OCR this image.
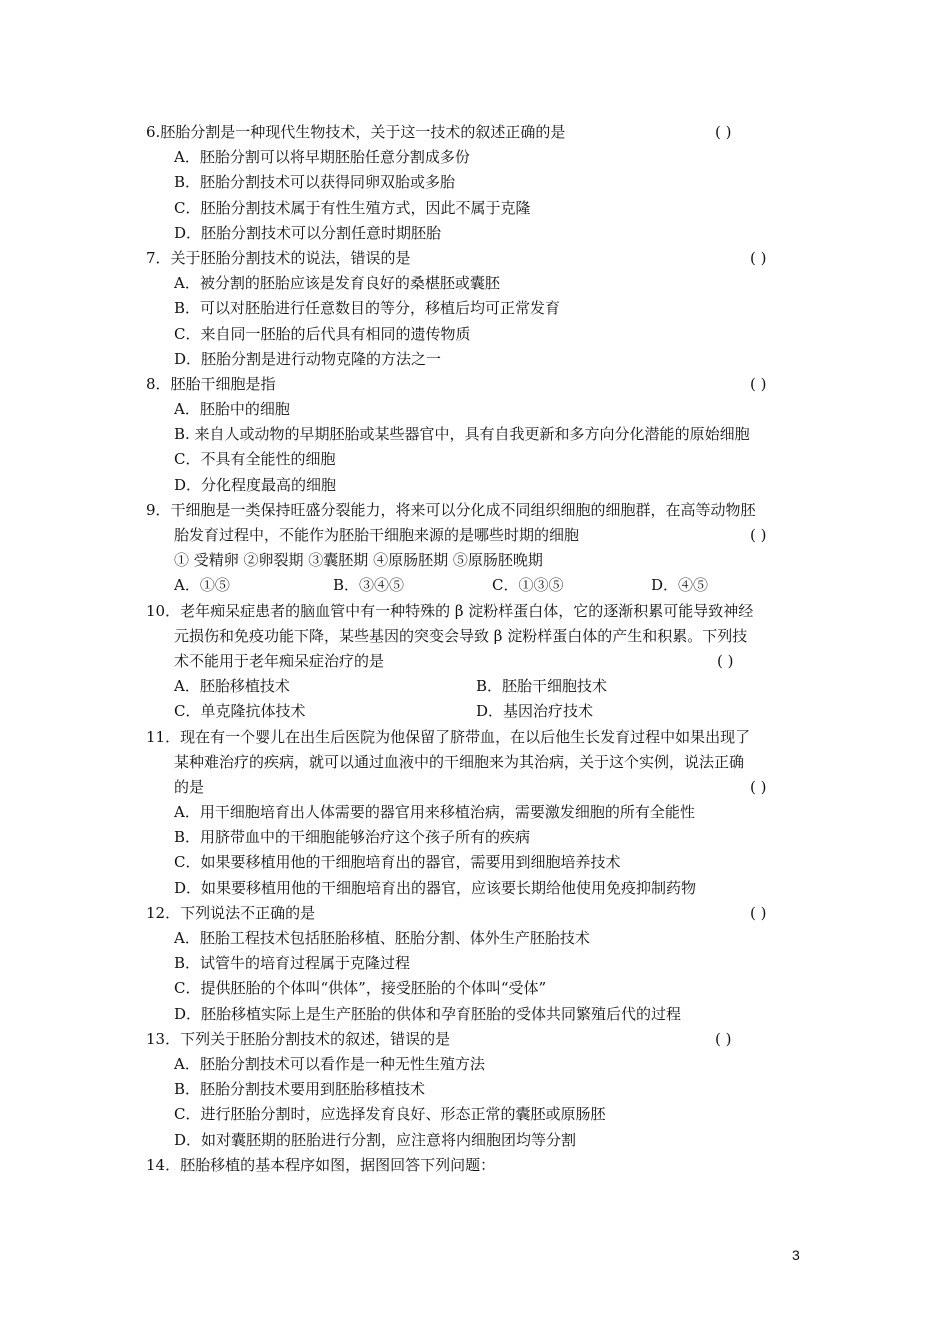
6.胚胎分割是一种现代生物技术，关于这一技术的叙述正确的是	( )
A．胚胎分割可以将早期胚胎任意分割成多份
B．胚胎分割技术可以获得同卵双胎或多胎
C．胚胎分割技术属于有性生殖方式，因此不属于克隆
D．胚胎分割技术可以分割任意时期胚胎
7．关于胚胎分割技术的说法，错误的是	( )
A．被分割的胚胎应该是发育良好的桑椹胚或囊胚
B．可以对胚胎进行任意数目的等分，移植后均可正常发育
C．来自同一胚胎的后代具有相同的遗传物质
D．胚胎分割是进行动物克隆的方法之一
8．胚胎干细胞是指	( )
A．胚胎中的细胞
B. 来自人或动物的早期胚胎或某些器官中，具有自我更新和多方向分化潜能的原始细胞
C．不具有全能性的细胞
D．分化程度最高的细胞
9．干细胞是一类保持旺盛分裂能力，将来可以分化成不同组织细胞的细胞群，在高等动物胚
胎发育过程中，不能作为胚胎干细胞来源的是哪些时期的细胞	( )
① 受精卵 ②卵裂期 ③囊胚期 ④原肠胚期 ⑤原肠胚晚期
A．①⑤	B．③④⑤	C．①③⑤	D．④⑤
10．老年痴呆症患者的脑血管中有一种特殊的 β 淀粉样蛋白体，它的逐渐积累可能导致神经
元损伤和免疫功能下降，某些基因的突变会导致 β 淀粉样蛋白体的产生和积累。下列技
术不能用于老年痴呆症治疗的是	( )
A．胚胎移植技术	B．胚胎干细胞技术
C．单克隆抗体技术	D．基因治疗技术
11．现在有一个婴儿在出生后医院为他保留了脐带血，在以后他生长发育过程中如果出现了
某种难治疗的疾病，就可以通过血液中的干细胞来为其治病，关于这个实例，说法正确
的是	( )
A．用干细胞培育出人体需要的器官用来移植治病，需要激发细胞的所有全能性
B．用脐带血中的干细胞能够治疗这个孩子所有的疾病
C．如果要移植用他的干细胞培育出的器官，需要用到细胞培养技术
D．如果要移植用他的干细胞培育出的器官，应该要长期给他使用免疫抑制药物
12．下列说法不正确的是	( )
A．胚胎工程技术包括胚胎移植、胚胎分割、体外生产胚胎技术
B．试管牛的培育过程属于克隆过程
C．提供胚胎的个体叫“供体”，接受胚胎的个体叫“受体”
D．胚胎移植实际上是生产胚胎的供体和孕育胚胎的受体共同繁殖后代的过程
13．下列关于胚胎分割技术的叙述，错误的是	( )
A．胚胎分割技术可以看作是一种无性生殖方法
B．胚胎分割技术要用到胚胎移植技术
C．进行胚胎分割时，应选择发育良好、形态正常的囊胚或原肠胚
D．如对囊胚期的胚胎进行分割，应注意将内细胞团均等分割
14．胚胎移植的基本程序如图，据图回答下列问题：
3
